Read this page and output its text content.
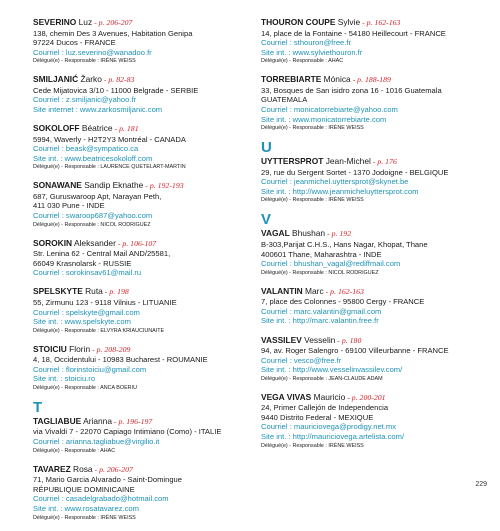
SEVERINO Luz - p. 206-207
138, chemin Des 3 Avenues, Habitation Genipa
97224 Ducos - FRANCE
Courriel : luz.severino@wanadoo.fr
Délégué(e) - Responsable : IRÈNE WEISS
SMILJANIĆ Žarko - p. 82-83
Cede Mijatovica 3/10 - 11000 Belgrade - SERBIE
Courriel : z.smiljanic@yahoo.fr
Site internet : www.zarkosmiljanic.com
SOKOLOFF Béatrice - p. 181
5994, Waverly - H2T2Y3 Montréal - CANADA
Courriel : beask@sympatico.ca
Site int. : www.beatricesokoloff.com
Délégué(e) - Responsable : LAURENCE QUETELART-MARTIN
SONAWANE Sandip Eknathe - p. 192-193
687, Guruswaroop Apt, Narayan Peth,
411 030 Pune - INDE
Courriel : swaroop687@yahoo.com
Délégué(e) - Responsable : NICOL RODRIGUEZ
SOROKIN Aleksander - p. 106-107
Str. Lenina 62 - Central Mail AND/25581,
66049 Krasnolarsk - RUSSIE
Courriel : sorokinsav61@mail.ru
SPELSKYTE Ruta - p. 198
55, Zirmunu 123 - 9118 Vilnius - LITUANIE
Courriel : spelskyte@gmail.com
Site int. : www.spelskyte.com
Délégué(e) - Responsable : ELVYRA KRIAUCIUNAITE
STOICIU Florin - p. 208-209
4, 18, Occidentului - 10983 Bucharest - ROUMANIE
Courriel : florinstoiciu@gmail.com
Site int. : stoiciu.ro
Délégué(e) - Responsable : ANCA BOERIU
T
TAGLIABUE Arianna - p. 196-197
via Vivaldi 7 - 22070 Capiago Intimiano (Como) - ITALIE
Courriel : arianna.tagliabue@virgilio.it
Délégué(e) - Responsable : AHAC
TAVAREZ Rosa - p. 206-207
71, Mario Garcia Alvarado - Saint-Domingue
RÉPUBLIQUE DOMINICAINE
Courriel : casadelgrabado@hotmail.com
Site int. : www.rosatavarez.com
Délégué(e) - Responsable : IRÈNE WEISS
THOURON COUPE Sylvie - p. 162-163
14, place de la Fontaine - 54180 Heillecourt - FRANCE
Courriel : sthouron@free.fr
Site int. : www.sylviethouron.fr
Délégué(e) - Responsable : AHAC
TORREBIARTE Mónica - p. 188-189
33, Bosques de San isidro zona 16 - 1016 Guatemala
GUATEMALA
Courriel : monicatorrebiarte@yahoo.com
Site int. : www.monicatorrebiarte.com
Délégué(e) - Responsable : IRÈNE WEISS
U
UYTTERSPROT Jean-Michel - p. 176
29, rue du Sergent Sortet - 1370 Jodoigne - BELGIQUE
Courriel : jeanmichel.uyttersprot@skynet.be
Site int. : http://www.jeanmicheluyttersprot.com
Délégué(e) - Responsable : IRÈNE WEISS
V
VAGAL Bhushan - p. 192
B-303,Parijat C.H.S., Hans Nagar, Khopat, Thane
400601 Thane, Maharashtra - INDE
Courriel : bhushan_vagal@rediffmail.com
Délégué(e) - Responsable : NICOL RODRIGUEZ
VALANTIN Marc - p. 162-163
7, place des Colonnes - 95800 Cergy - FRANCE
Courriel : marc.valantin@gmail.com
Site int. : http://marc.valantin.free.fr
VASSILEV Vesselin - p. 180
94, av. Roger Salengro - 69100 Villeurbanne - FRANCE
Courriel : vesco@free.fr
Site int. : http://www.vesselinvassilev.com/
Délégué(e) - Responsable : JEAN-CLAUDE ADAM
VEGA VIVAS Mauricio - p. 200-201
24, Primer Callejón de Independencia
9440 Distrito Federal - MEXIQUE
Courriel : mauriciovega@prodigy.net.mx
Site int. : http://mauriciovega.artelista.com/
Délégué(e) - Responsable : IRÈNE WEISS
229
